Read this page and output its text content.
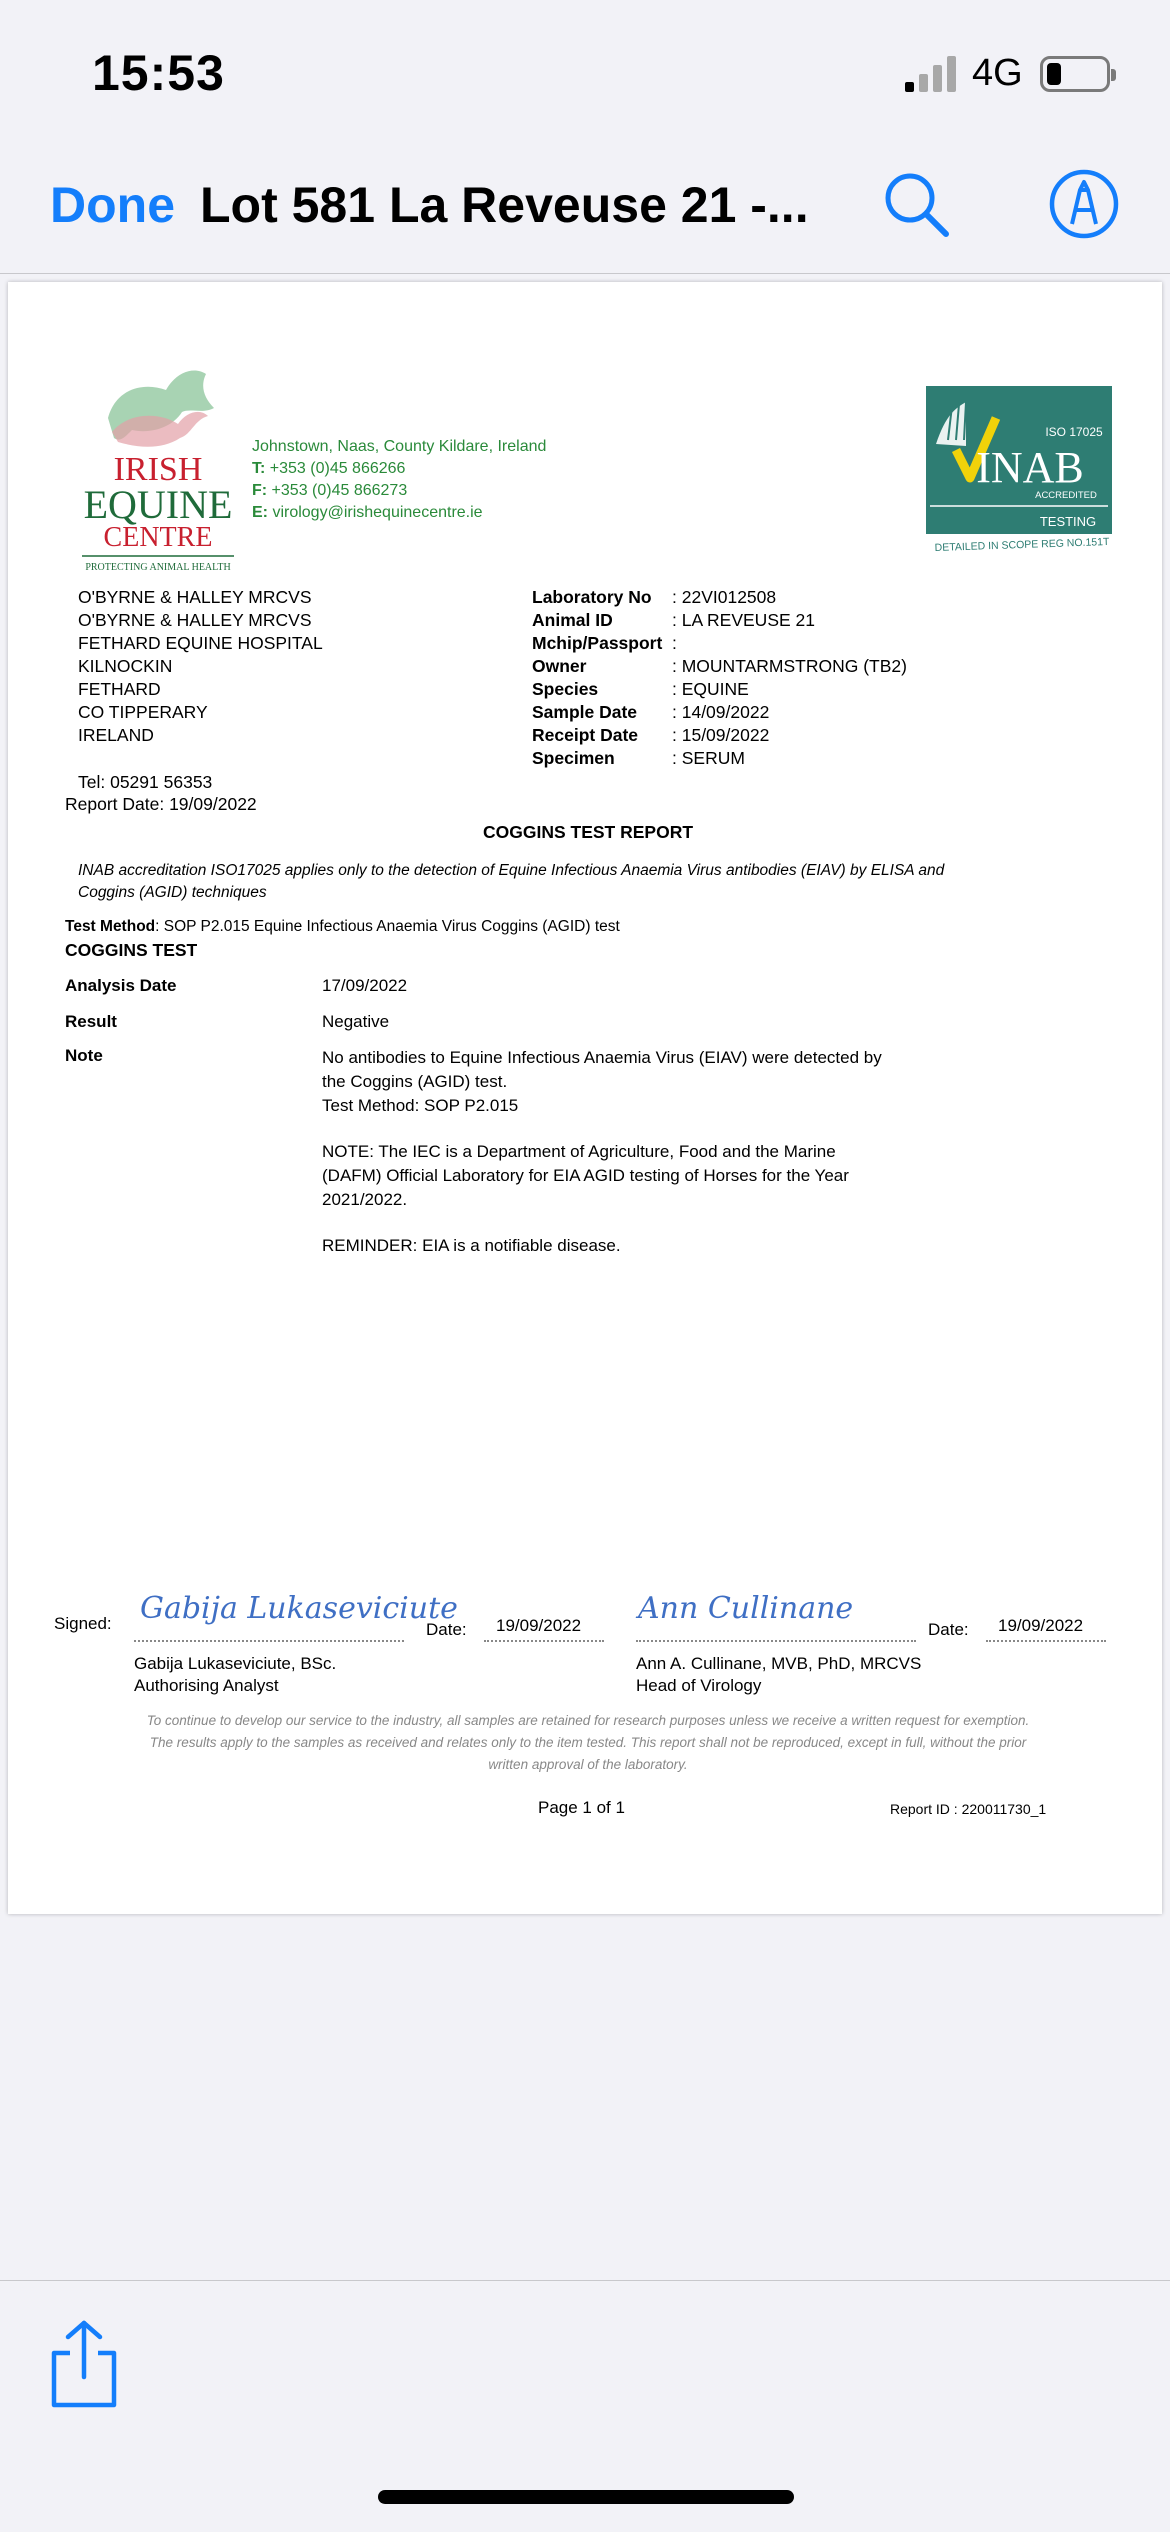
15:53	4G
Done Lot 581 La Reveuse 21 -...
IRISH
EQUINE
CENTRE
PROTECTING ANIMAL HEALTH
Johnstown, Naas, County Kildare, Ireland
T: +353 (0)45 866266
F: +353 (0)45 866273
E: virology@irishequinecentre.ie
ISO 17025
INAB
ACCREDITED
TESTING
DETAILED IN SCOPE REG NO.151T
O'BYRNE & HALLEY MRCVS
O'BYRNE & HALLEY MRCVS
FETHARD EQUINE HOSPITAL
KILNOCKIN
FETHARD
CO TIPPERARY
IRELAND
Tel: 05291 56353
Report Date: 19/09/2022
Laboratory No	: 22VI012508
Animal ID	: LA REVEUSE 21
Mchip/Passport :
Owner	: MOUNTARMSTRONG (TB2)
Species	: EQUINE
Sample Date	: 14/09/2022
Receipt Date	: 15/09/2022
Specimen	: SERUM
COGGINS TEST REPORT
INAB accreditation ISO17025 applies only to the detection of Equine Infectious Anaemia Virus antibodies (EIAV) by ELISA and
Coggins (AGID) techniques
Test Method: SOP P2.015 Equine Infectious Anaemia Virus Coggins (AGID) test
COGGINS TEST
Analysis Date	17/09/2022
Result	Negative
Note	No antibodies to Equine Infectious Anaemia Virus (EIAV) were detected by
the Coggins (AGID) test.
Test Method: SOP P2.015

NOTE: The IEC is a Department of Agriculture, Food and the Marine
(DAFM) Official Laboratory for EIA AGID testing of Horses for the Year
2021/2022.

REMINDER: EIA is a notifiable disease.

Signed: Gabija Lukaseviciute
Date: 19/09/2022
Gabija Lukaseviciute, BSc.
Authorising Analyst
Ann Cullinane
Date: 19/09/2022
Ann A. Cullinane, MVB, PhD, MRCVS
Head of Virology
To continue to develop our service to the industry, all samples are retained for research purposes unless we receive a written request for exemption.
The results apply to the samples as received and relates only to the item tested. This report shall not be reproduced, except in full, without the prior
written approval of the laboratory.
Page 1 of 1	Report ID : 220011730_1
